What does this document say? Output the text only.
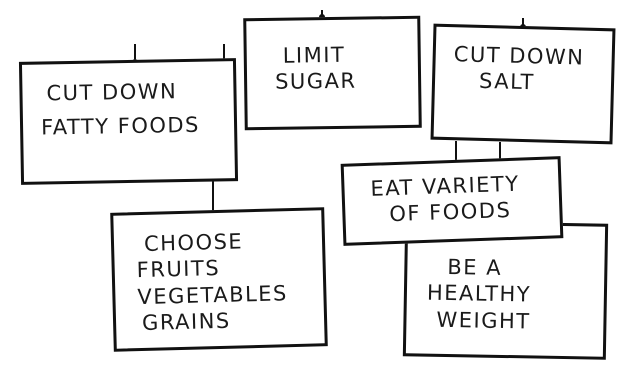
CUT DOWN
SALT
LIMIT
SUGAR
CUT DOWN
FATTY FOODS
BE A
HEALTHY
WEIGHT
CHOOSE
FRUITS
VEGETABLES
GRAINS
EAT VARIETY
OF FOODS
